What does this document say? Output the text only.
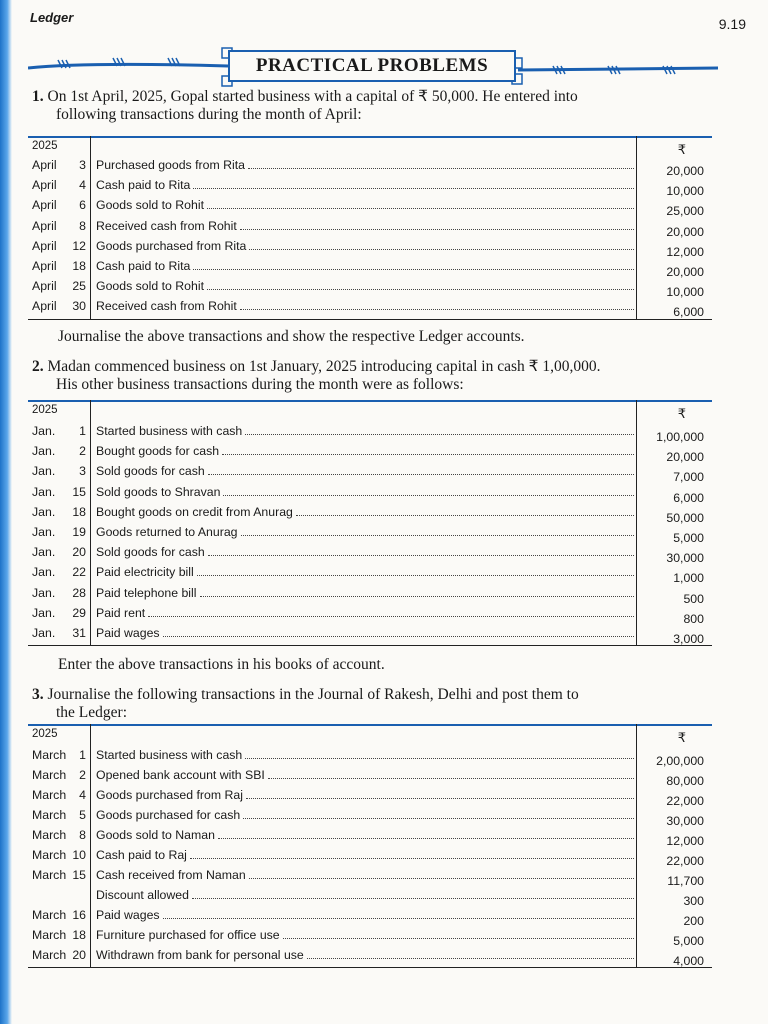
Ledger	9.19
PRACTICAL PROBLEMS
1. On 1st April, 2025, Gopal started business with a capital of ₹ 50,000. He entered into
following transactions during the month of April:
2025	₹
April	3 Purchased goods from Rita	20,000
April	4 Cash paid to Rita	10,000
April	6 Goods sold to Rohit	25,000
April	8 Received cash from Rohit	20,000
April	12 Goods purchased from Rita	12,000
April	18 Cash paid to Rita	20,000
April	25 Goods sold to Rohit	10,000
April	30 Received cash from Rohit	6,000
Journalise the above transactions and show the respective Ledger accounts.
2. Madan commenced business on 1st January, 2025 introducing capital in cash ₹ 1,00,000.
His other business transactions during the month were as follows:
2025	₹
Jan.	1 Started business with cash	1,00,000
Jan.	2 Bought goods for cash	20,000
Jan.	3 Sold goods for cash	7,000
Jan.	15 Sold goods to Shravan	6,000
Jan.	18 Bought goods on credit from Anurag	50,000
Jan.	19 Goods returned to Anurag	5,000
Jan.	20 Sold goods for cash	30,000
Jan.	22 Paid electricity bill	1,000
Jan.	28 Paid telephone bill	500
Jan.	29 Paid rent	800
Jan.	31 Paid wages	3,000
Enter the above transactions in his books of account.
3. Journalise the following transactions in the Journal of Rakesh, Delhi and post them to
the Ledger:
2025	₹
March	1 Started business with cash	2,00,000
March	2 Opened bank account with SBI	80,000
March	4 Goods purchased from Raj	22,000
March	5 Goods purchased for cash	30,000
March	8 Goods sold to Naman	12,000
March 10 Cash paid to Raj	22,000
March 15 Cash received from Naman	11,700
Discount allowed	300
March 16 Paid wages	200
March 18 Furniture purchased for office use	5,000
March 20 Withdrawn from bank for personal use	4,000
